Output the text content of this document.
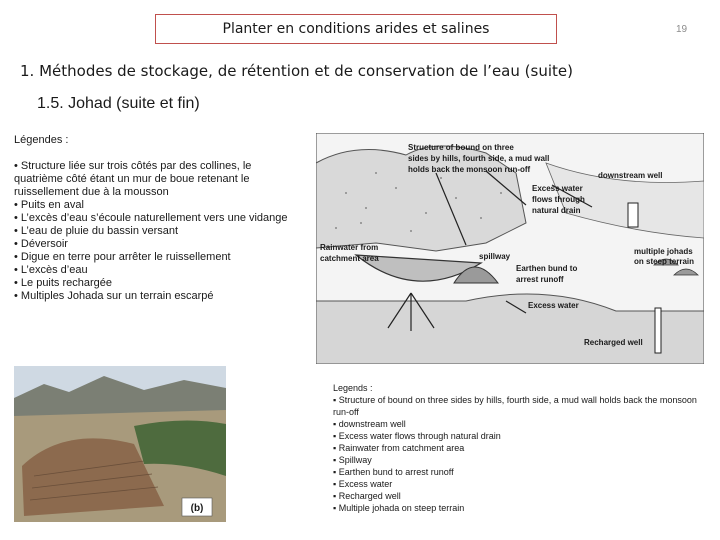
Planter en conditions arides et salines	19
1. Méthodes de stockage, de rétention et de conservation de l’eau (suite)
1.5. Johad (suite et fin)
Légendes :
• Structure liée sur trois côtés par des collines, le quatrième côté étant un mur de boue retenant le ruissellement due à la mousson
• Puits en aval
• L’excès d’eau s’écoule naturellement vers une vidange
• L’eau de pluie du bassin versant
• Déversoir
• Digue en terre pour arrêter le ruissellement
• L’excès d’eau
• Le puits rechargée
• Multiples Johada sur un terrain escarpé
Structure of bound on three
sides by hills, fourth side, a mud wall
holds back the monsoon run-off
downstream well
Excess water
flows through
natural drain
Rainwater from
catchment area	spillway
Earthen bund to
arrest runoff
multiple johads
on steep terrain
Excess water
Recharged well
(b)
Legends :
▪ Structure of bound on three sides by hills, fourth side, a mud wall holds back the monsoon run-off
▪ downstream well
▪ Excess water flows through natural drain
▪ Rainwater from catchment area
▪ Spillway
▪ Earthen bund to arrest runoff
▪ Excess water
▪ Recharged well
▪ Multiple johada on steep terrain
